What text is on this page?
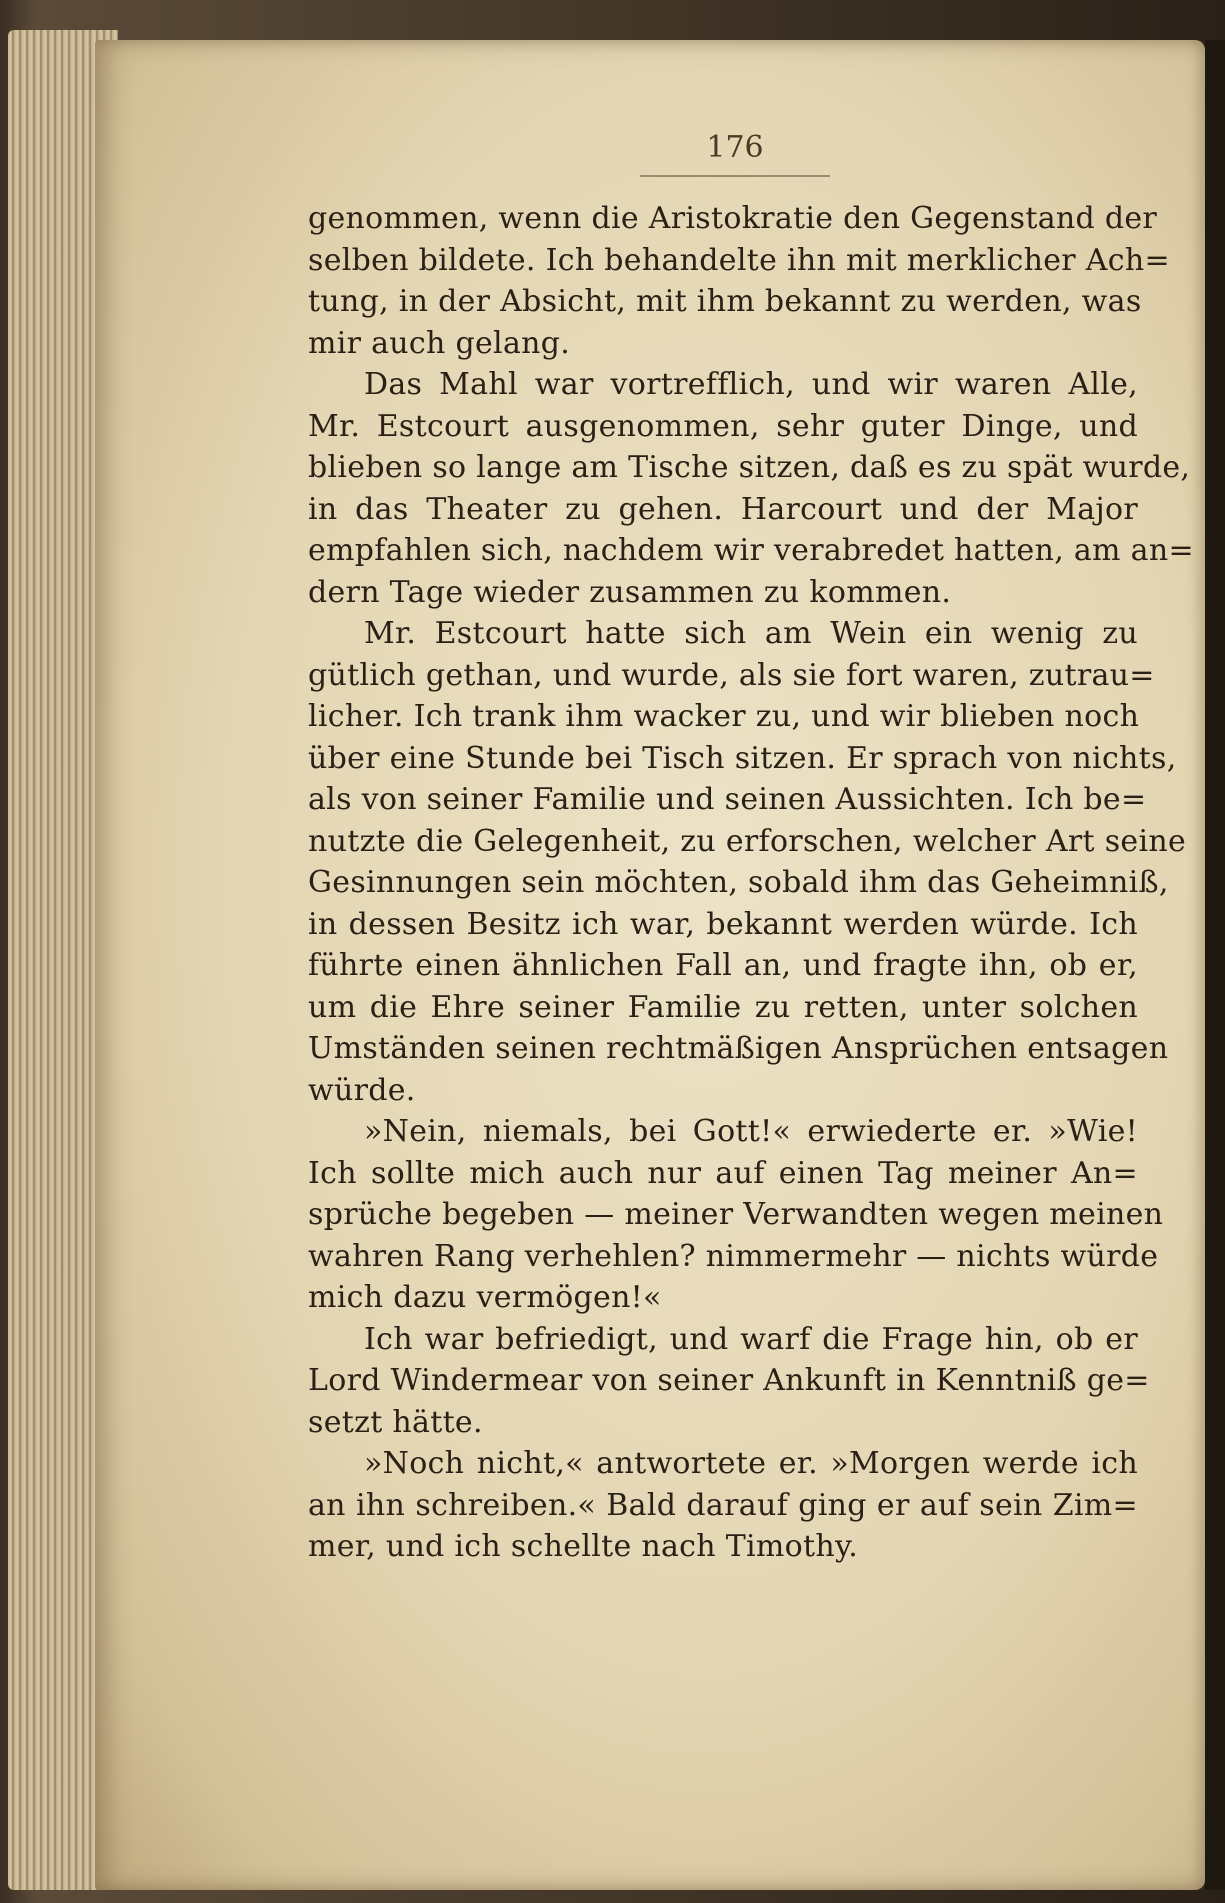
176
genommen, wenn die Aristokratie den Gegenstand der
selben bildete. Ich behandelte ihn mit merklicher Ach=
tung, in der Absicht, mit ihm bekannt zu werden, was
mir auch gelang.
Das Mahl war vortrefflich, und wir waren Alle,
Mr. Estcourt ausgenommen, sehr guter Dinge, und
blieben so lange am Tische sitzen, daß es zu spät wurde,
in das Theater zu gehen. Harcourt und der Major
empfahlen sich, nachdem wir verabredet hatten, am an=
dern Tage wieder zusammen zu kommen.
Mr. Estcourt hatte sich am Wein ein wenig zu
gütlich gethan, und wurde, als sie fort waren, zutrau=
licher. Ich trank ihm wacker zu, und wir blieben noch
über eine Stunde bei Tisch sitzen. Er sprach von nichts,
als von seiner Familie und seinen Aussichten. Ich be=
nutzte die Gelegenheit, zu erforschen, welcher Art seine
Gesinnungen sein möchten, sobald ihm das Geheimniß,
in dessen Besitz ich war, bekannt werden würde. Ich
führte einen ähnlichen Fall an, und fragte ihn, ob er,
um die Ehre seiner Familie zu retten, unter solchen
Umständen seinen rechtmäßigen Ansprüchen entsagen
würde.
»Nein, niemals, bei Gott!« erwiederte er. »Wie!
Ich sollte mich auch nur auf einen Tag meiner An=
sprüche begeben — meiner Verwandten wegen meinen
wahren Rang verhehlen? nimmermehr — nichts würde
mich dazu vermögen!«
Ich war befriedigt, und warf die Frage hin, ob er
Lord Windermear von seiner Ankunft in Kenntniß ge=
setzt hätte.
»Noch nicht,« antwortete er. »Morgen werde ich
an ihn schreiben.« Bald darauf ging er auf sein Zim=
mer, und ich schellte nach Timothy.
